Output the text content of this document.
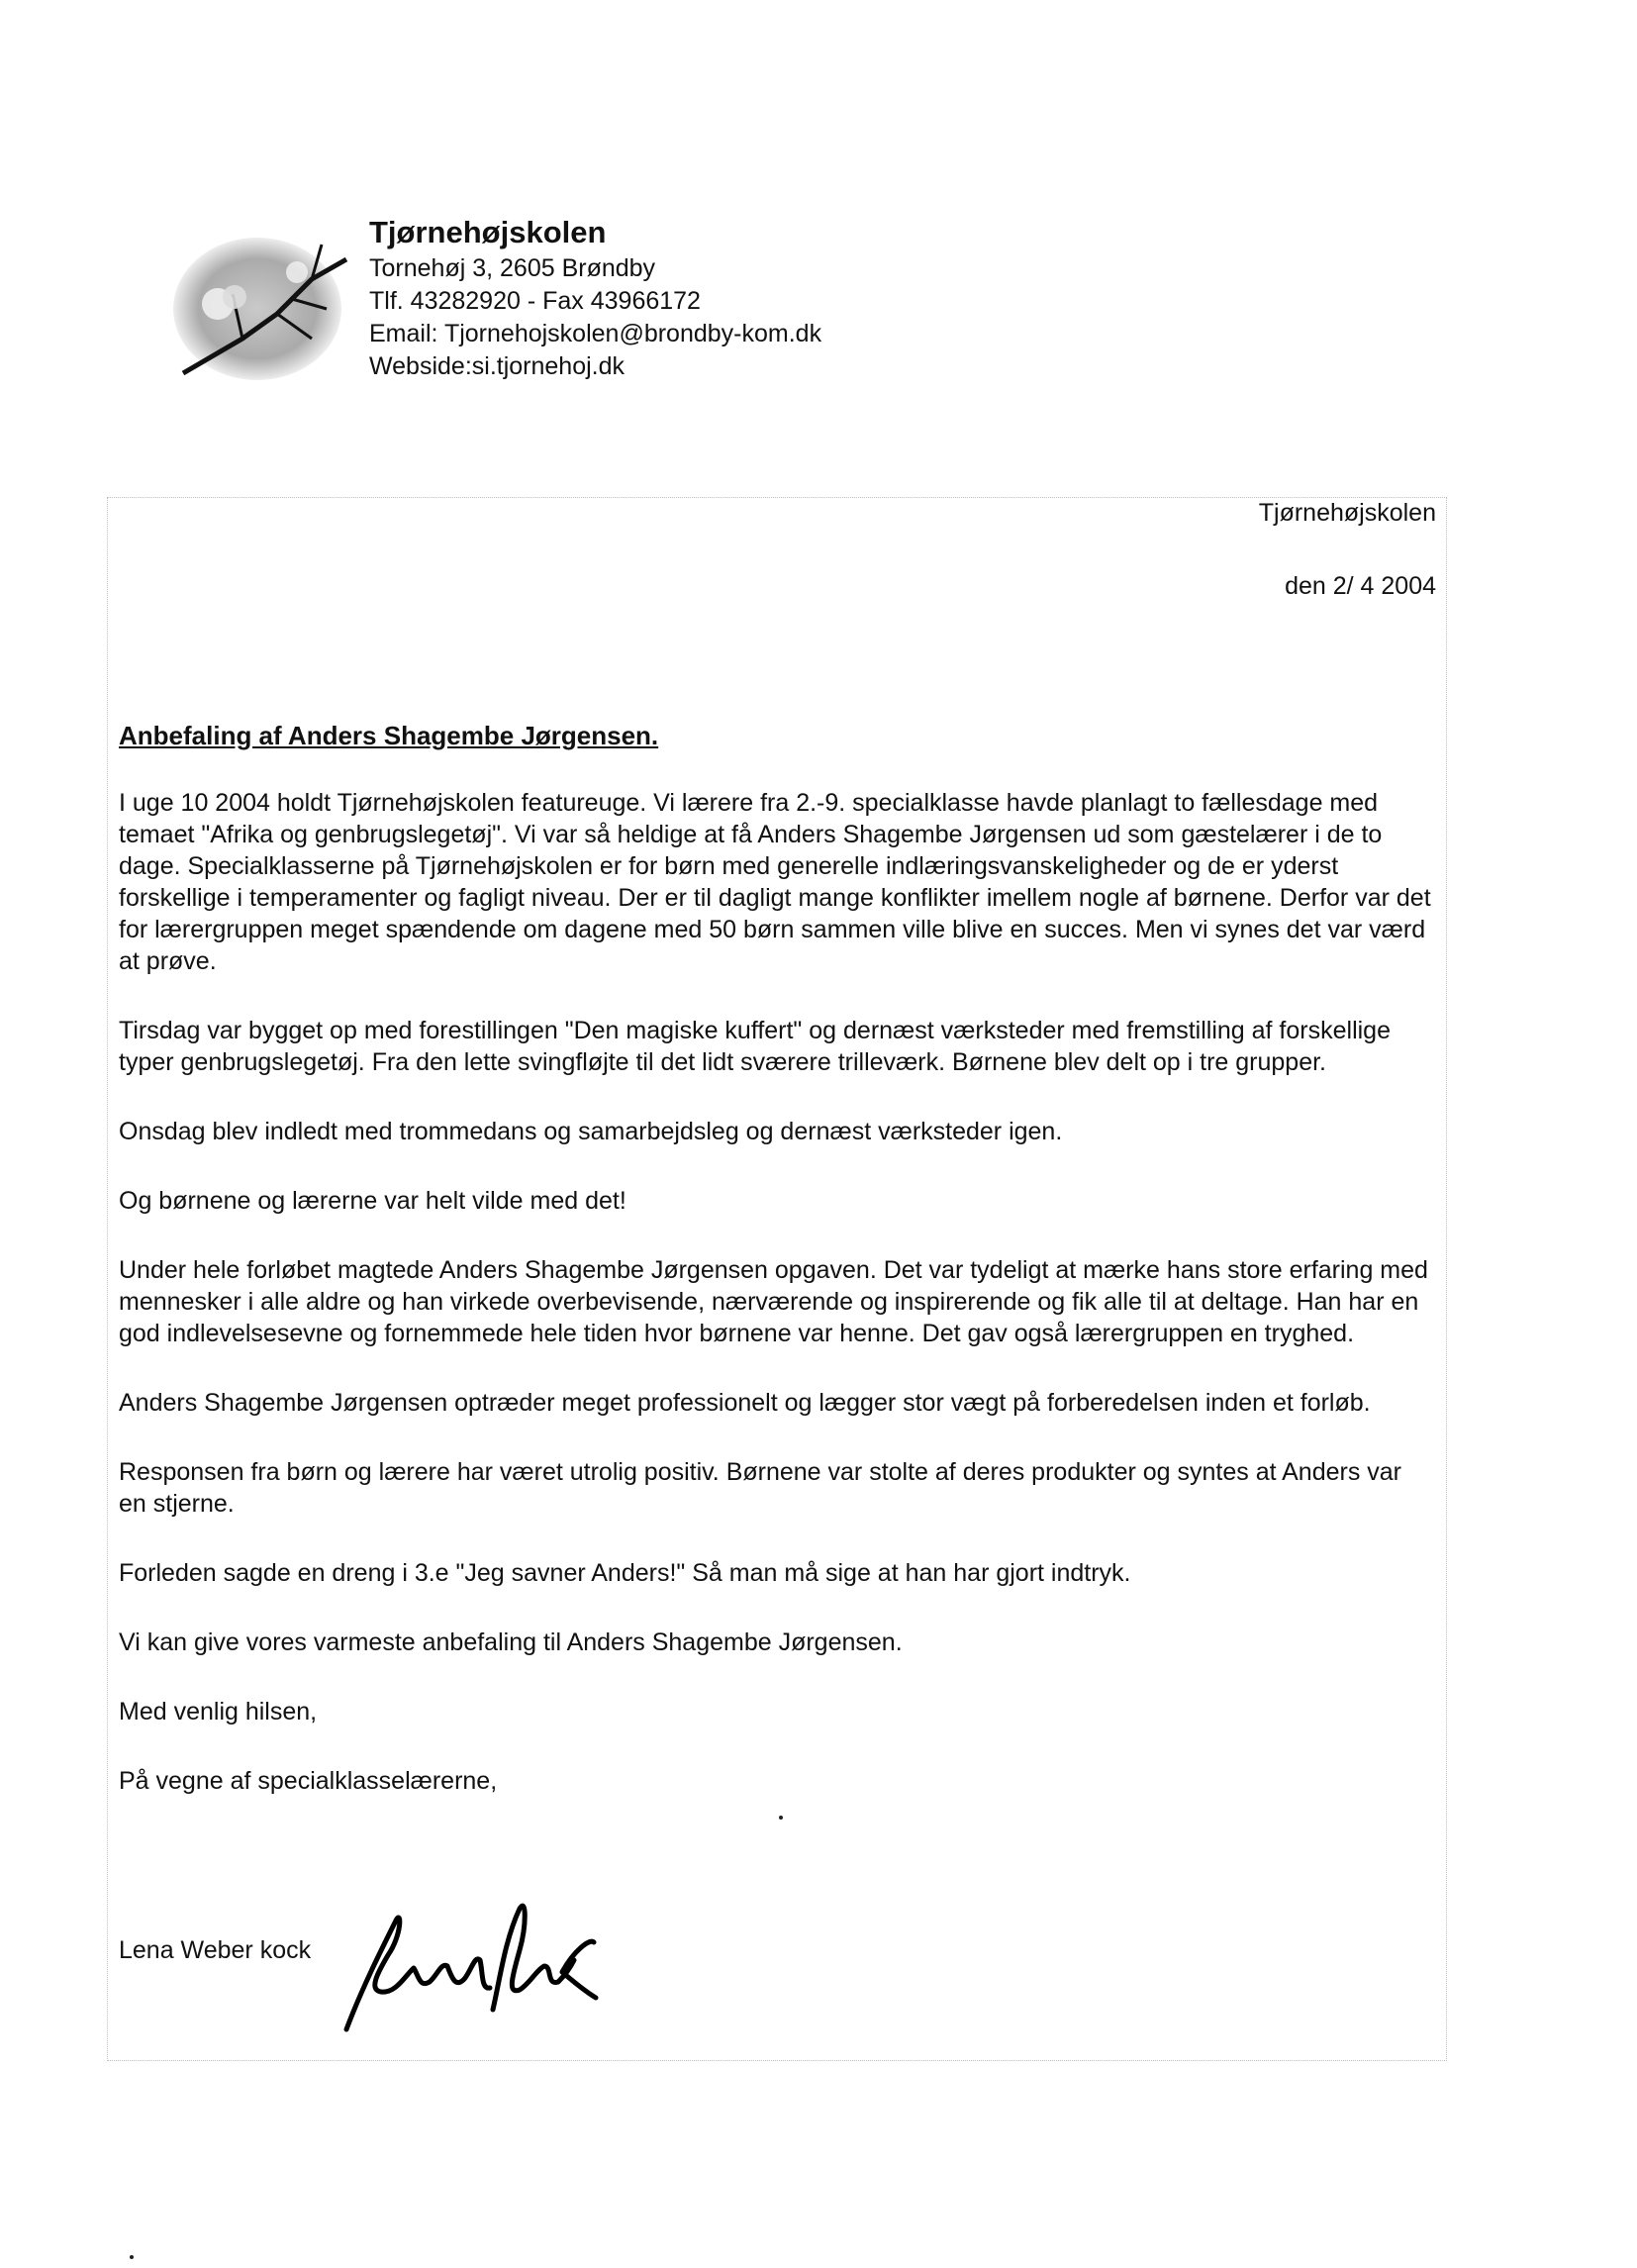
Tjørnehøjskolen
Tornehøj 3, 2605 Brøndby
Tlf. 43282920 - Fax 43966172
Email: Tjornehojskolen@brondby-kom.dk
Webside:si.tjornehoj.dk
Tjørnehøjskolen
den 2/ 4 2004
Anbefaling af Anders Shagembe Jørgensen.

I uge 10 2004 holdt Tjørnehøjskolen featureuge. Vi lærere fra 2.-9. specialklasse havde planlagt to fællesdage med temaet "Afrika og genbrugslegetøj". Vi var så heldige at få Anders Shagembe Jørgensen ud som gæstelærer i de to dage. Specialklasserne på Tjørnehøjskolen er for børn med generelle indlæringsvanskeligheder og de er yderst forskellige i temperamenter og fagligt niveau. Der er til dagligt mange konflikter imellem nogle af børnene. Derfor var det for lærergruppen meget spændende om dagene med 50 børn sammen ville blive en succes. Men vi synes det var værd at prøve.

Tirsdag var bygget op med forestillingen "Den magiske kuffert" og dernæst værksteder med fremstilling af forskellige typer genbrugslegetøj. Fra den lette svingfløjte til det lidt sværere trilleværk. Børnene blev delt op i tre grupper.

Onsdag blev indledt med trommedans og samarbejdsleg og dernæst værksteder igen.

Og børnene og lærerne var helt vilde med det!

Under hele forløbet magtede Anders Shagembe Jørgensen opgaven. Det var tydeligt at mærke hans store erfaring med mennesker i alle aldre og han virkede overbevisende, nærværende og inspirerende og fik alle til at deltage. Han har en god indlevelsesevne og fornemmede hele tiden hvor børnene var henne. Det gav også lærergruppen en tryghed.

Anders Shagembe Jørgensen optræder meget professionelt og lægger stor vægt på forberedelsen inden et forløb.

Responsen fra børn og lærere har været utrolig positiv. Børnene var stolte af deres produkter og syntes at Anders var en stjerne.

Forleden sagde en dreng i 3.e "Jeg savner Anders!" Så man må sige at han har gjort indtryk.

Vi kan give vores varmeste anbefaling til Anders Shagembe Jørgensen.

Med venlig hilsen,
På vegne af specialklasselærerne,
Lena Weber kock
